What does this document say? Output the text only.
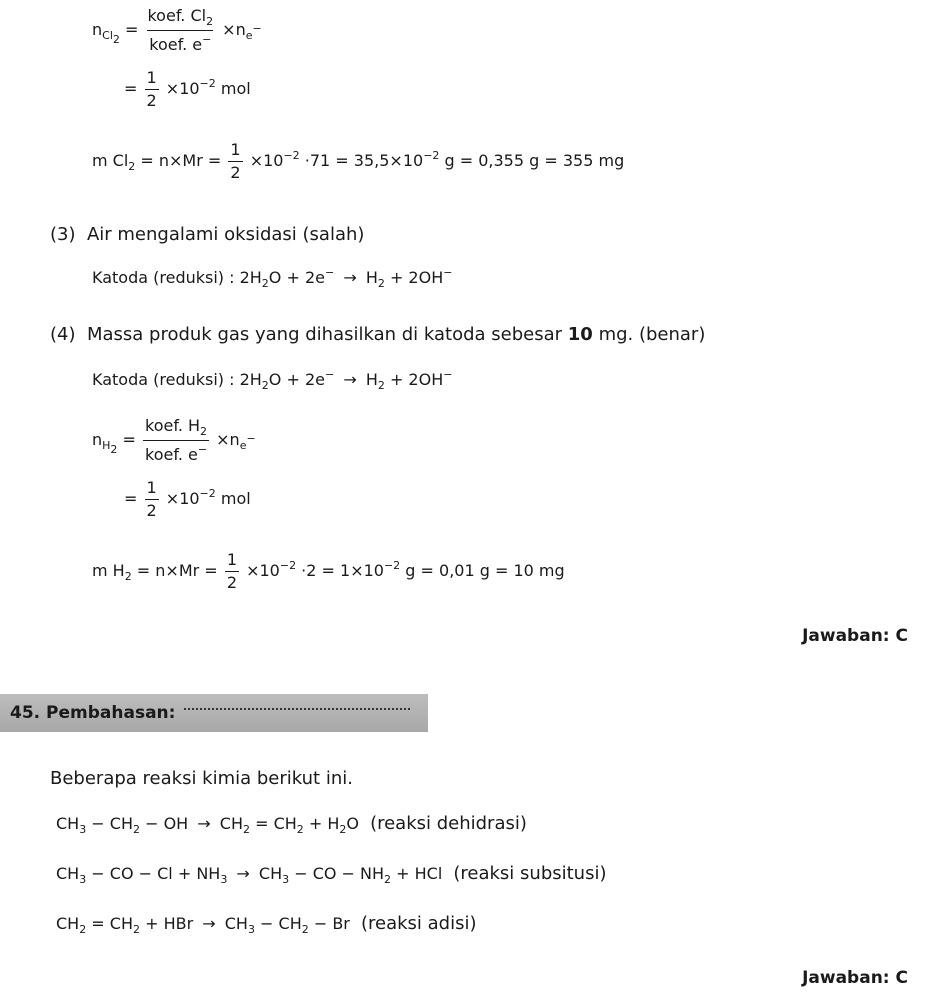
$n_{Cl_2} = \frac{koef. Cl_2}{koef. e^-} \times n_{e^-}$
= $\frac{1}{2} \times 10^{-2}$ mol
m $Cl_2 = n\times Mr = \frac{1}{2} \times 10^{-2} \cdot 71 = 35,5\times 10^{-2}$ g = 0,355 g = 355 mg
(3) Air mengalami oksidasi (salah)
Katoda (reduksi) : $2H_2O + 2e^- \to H_2 + 2OH^-$
(4) Massa produk gas yang dihasilkan di katoda sebesar 10 mg. (benar)
Katoda (reduksi) : $2H_2O + 2e^- \to H_2 + 2OH^-$
$n_{H_2} = \frac{koef. H_2}{koef. e^-} \times n_{e^-}$
= $\frac{1}{2} \times 10^{-2}$ mol
m $H_2 = n\times Mr = \frac{1}{2} \times 10^{-2} \cdot 2 = 1\times 10^{-2}$ g = 0,01 g = 10 mg
Jawaban: C
45. Pembahasan:
Beberapa reaksi kimia berikut ini.
$CH_3 - CH_2$ − OH → $CH_2 = CH_2 + H_2O$ (reaksi dehidrasi)
$CH_3$ − CO − $Cl + NH_3 \to CH_3$ − CO − $NH_2$ + HCl (reaksi subsitusi)
$CH_2 = CH_2$ + HBr → $CH_3 - CH_2 - Br$ (reaksi adisi)
Jawaban: C
